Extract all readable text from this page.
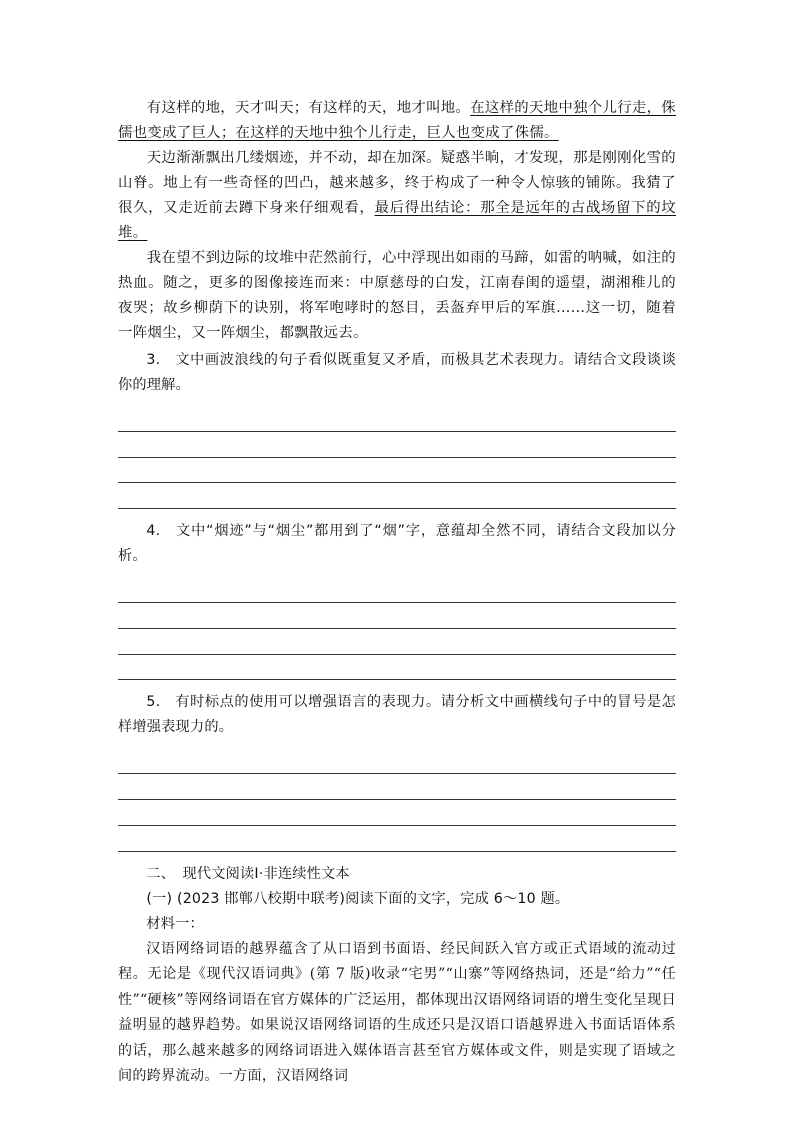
有这样的地，天才叫天；有这样的天，地才叫地。在这样的天地中独个儿行走，侏儒也变成了巨人；在这样的天地中独个儿行走，巨人也变成了侏儒。

天边渐渐飘出几缕烟迹，并不动，却在加深。疑惑半晌，才发现，那是刚刚化雪的山脊。地上有一些奇怪的凹凸，越来越多，终于构成了一种令人惊骇的铺陈。我猜了很久，又走近前去蹲下身来仔细观看，最后得出结论：那全是远年的古战场留下的坟堆。

我在望不到边际的坟堆中茫然前行，心中浮现出如雨的马蹄，如雷的呐喊，如注的热血。随之，更多的图像接连而来：中原慈母的白发，江南春闺的遥望，湖湘稚儿的夜哭；故乡柳荫下的诀别，将军咆哮时的怒目，丢盔弃甲后的军旗……这一切，随着一阵烟尘，又一阵烟尘，都飘散远去。

3.　文中画波浪线的句子看似既重复又矛盾，而极具艺术表现力。请结合文段谈谈你的理解。

4.　文中“烟迹”与“烟尘”都用到了“烟”字，意蕴却全然不同，请结合文段加以分析。

5.　有时标点的使用可以增强语言的表现力。请分析文中画横线句子中的冒号是怎样增强表现力的。

二、　现代文阅读Ⅰ·非连续性文本

(一) (2023 邯郸八校期中联考)阅读下面的文字，完成 6～10 题。

材料一：

汉语网络词语的越界蕴含了从口语到书面语、经民间跃入官方或正式语域的流动过程。无论是《现代汉语词典》(第 7 版)收录“宅男”“山寨”等网络热词，还是“给力”“任性”“硬核”等网络词语在官方媒体的广泛运用，都体现出汉语网络词语的增生变化呈现日益明显的越界趋势。如果说汉语网络词语的生成还只是汉语口语越界进入书面话语体系的话，那么越来越多的网络词语进入媒体语言甚至官方媒体或文件，则是实现了语域之间的跨界流动。一方面，汉语网络词
